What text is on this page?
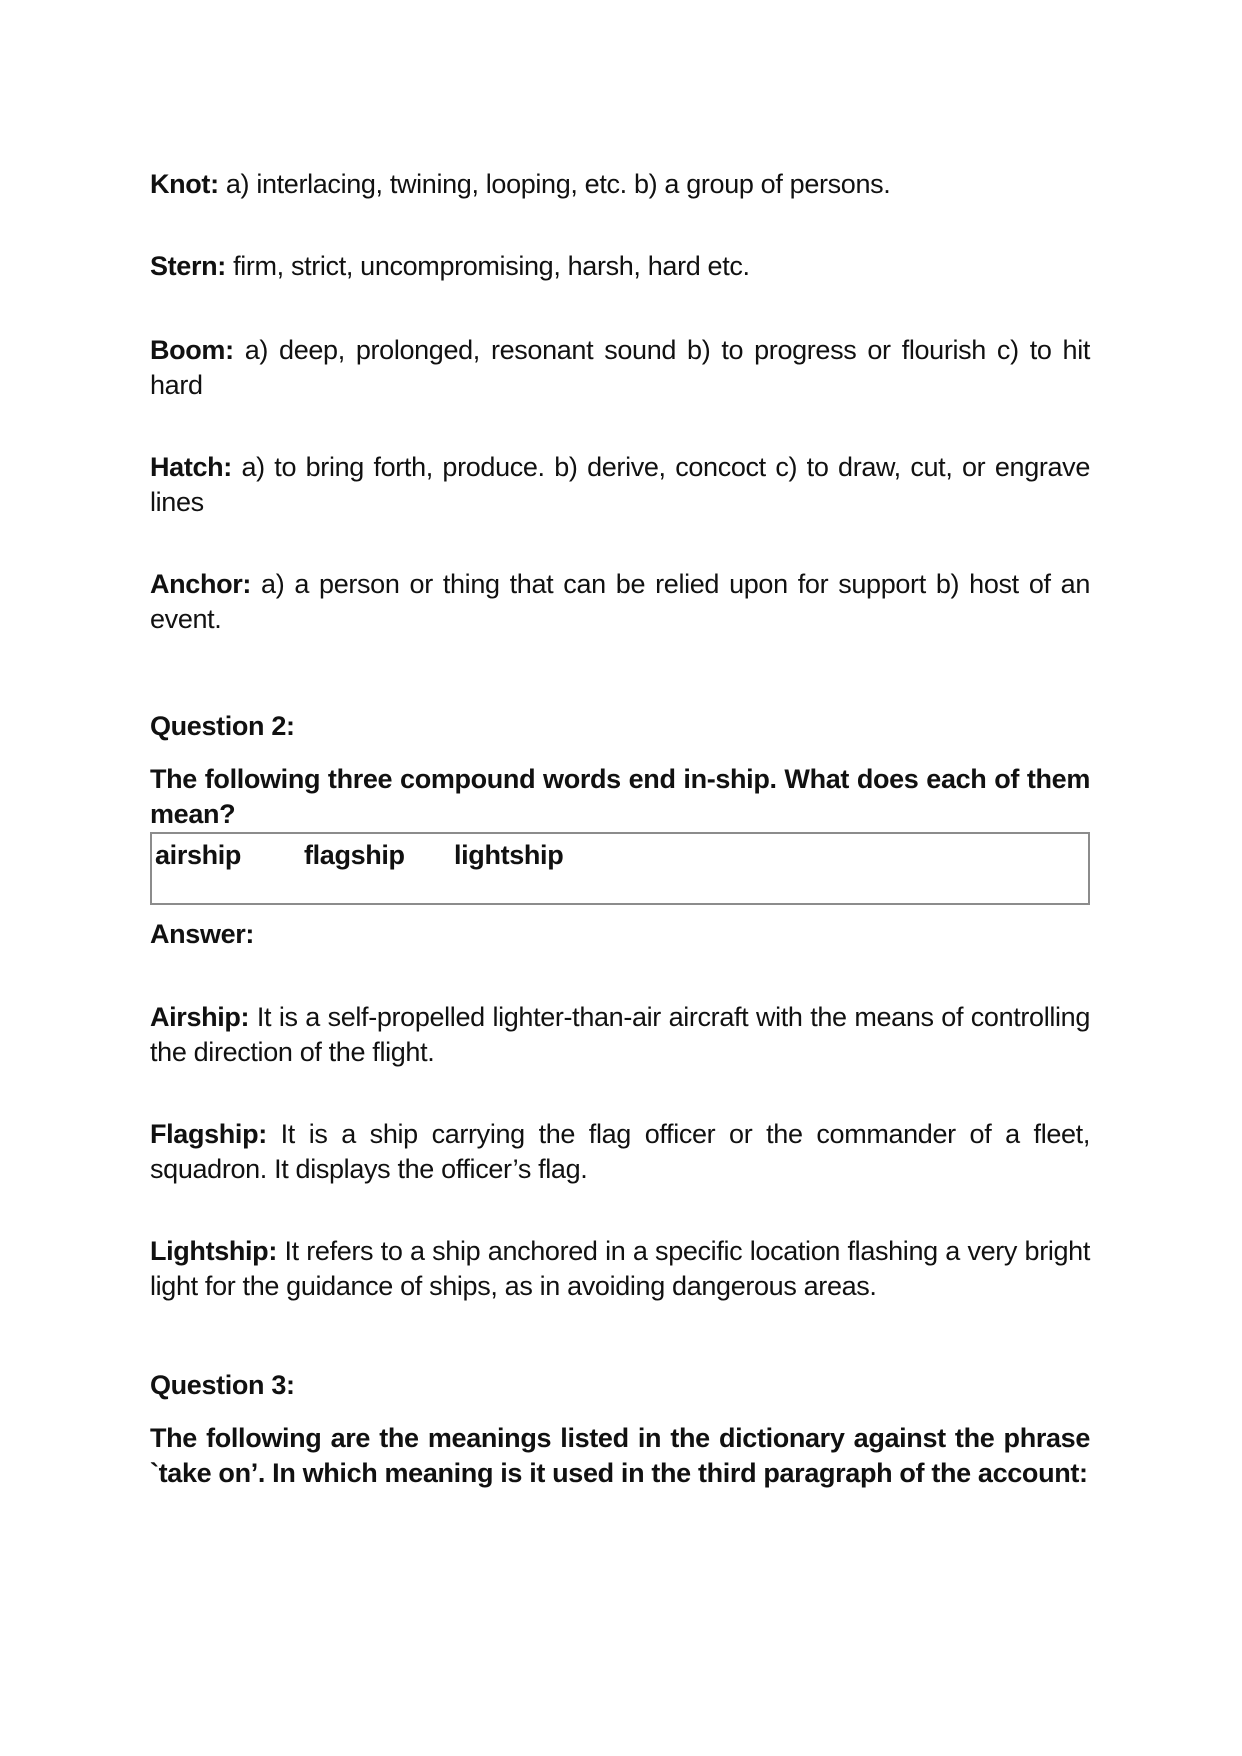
Knot: a) interlacing, twining, looping, etc. b) a group of persons.

Stern: firm, strict, uncompromising, harsh, hard etc.

Boom: a) deep, prolonged, resonant sound b) to progress or flourish c) to hit hard

Hatch: a) to bring forth, produce. b) derive, concoct c) to draw, cut, or engrave lines

Anchor: a) a person or thing that can be relied upon for support b) host of an event.

Question 2:

The following three compound words end in-ship. What does each of them mean?

airship flagship lightship

Answer:

Airship: It is a self-propelled lighter-than-air aircraft with the means of controlling the direction of the flight.

Flagship: It is a ship carrying the flag officer or the commander of a fleet, squadron. It displays the officer’s flag.

Lightship: It refers to a ship anchored in a specific location flashing a very bright light for the guidance of ships, as in avoiding dangerous areas.

Question 3:

The following are the meanings listed in the dictionary against the phrase `take on’. In which meaning is it used in the third paragraph of the account:
